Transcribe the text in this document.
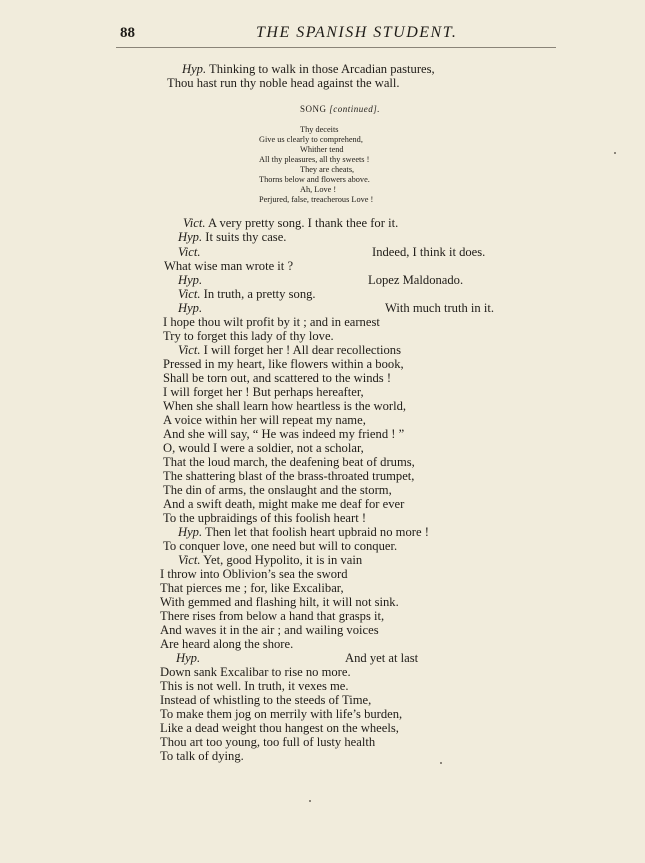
88	THE SPANISH STUDENT.
Hyp. Thinking to walk in those Arcadian pastures,
Thou hast run thy noble head against the wall.
SONG [continued].
Thy deceits
Give us clearly to comprehend,
Whither tend
All thy pleasures, all thy sweets !
They are cheats,
Thorns below and flowers above.
Ah, Love !
Perjured, false, treacherous Love !
Vict. A very pretty song. I thank thee for it.
Hyp. It suits thy case.
Vict.	Indeed, I think it does.
What wise man wrote it ?
Hyp.	Lopez Maldonado.
Vict. In truth, a pretty song.
Hyp.	With much truth in it.
I hope thou wilt profit by it ; and in earnest
Try to forget this lady of thy love.
Vict. I will forget her ! All dear recollections
Pressed in my heart, like flowers within a book,
Shall be torn out, and scattered to the winds !
I will forget her ! But perhaps hereafter,
When she shall learn how heartless is the world,
A voice within her will repeat my name,
And she will say, “ He was indeed my friend ! ”
O, would I were a soldier, not a scholar,
That the loud march, the deafening beat of drums,
The shattering blast of the brass-throated trumpet,
The din of arms, the onslaught and the storm,
And a swift death, might make me deaf for ever
To the upbraidings of this foolish heart !
Hyp. Then let that foolish heart upbraid no more !
To conquer love, one need but will to conquer.
Vict. Yet, good Hypolito, it is in vain
I throw into Oblivion’s sea the sword
That pierces me ; for, like Excalibar,
With gemmed and flashing hilt, it will not sink.
There rises from below a hand that grasps it,
And waves it in the air ; and wailing voices
Are heard along the shore.
Hyp.	And yet at last
Down sank Excalibar to rise no more.
This is not well. In truth, it vexes me.
Instead of whistling to the steeds of Time,
To make them jog on merrily with life’s burden,
Like a dead weight thou hangest on the wheels,
Thou art too young, too full of lusty health
To talk of dying.
